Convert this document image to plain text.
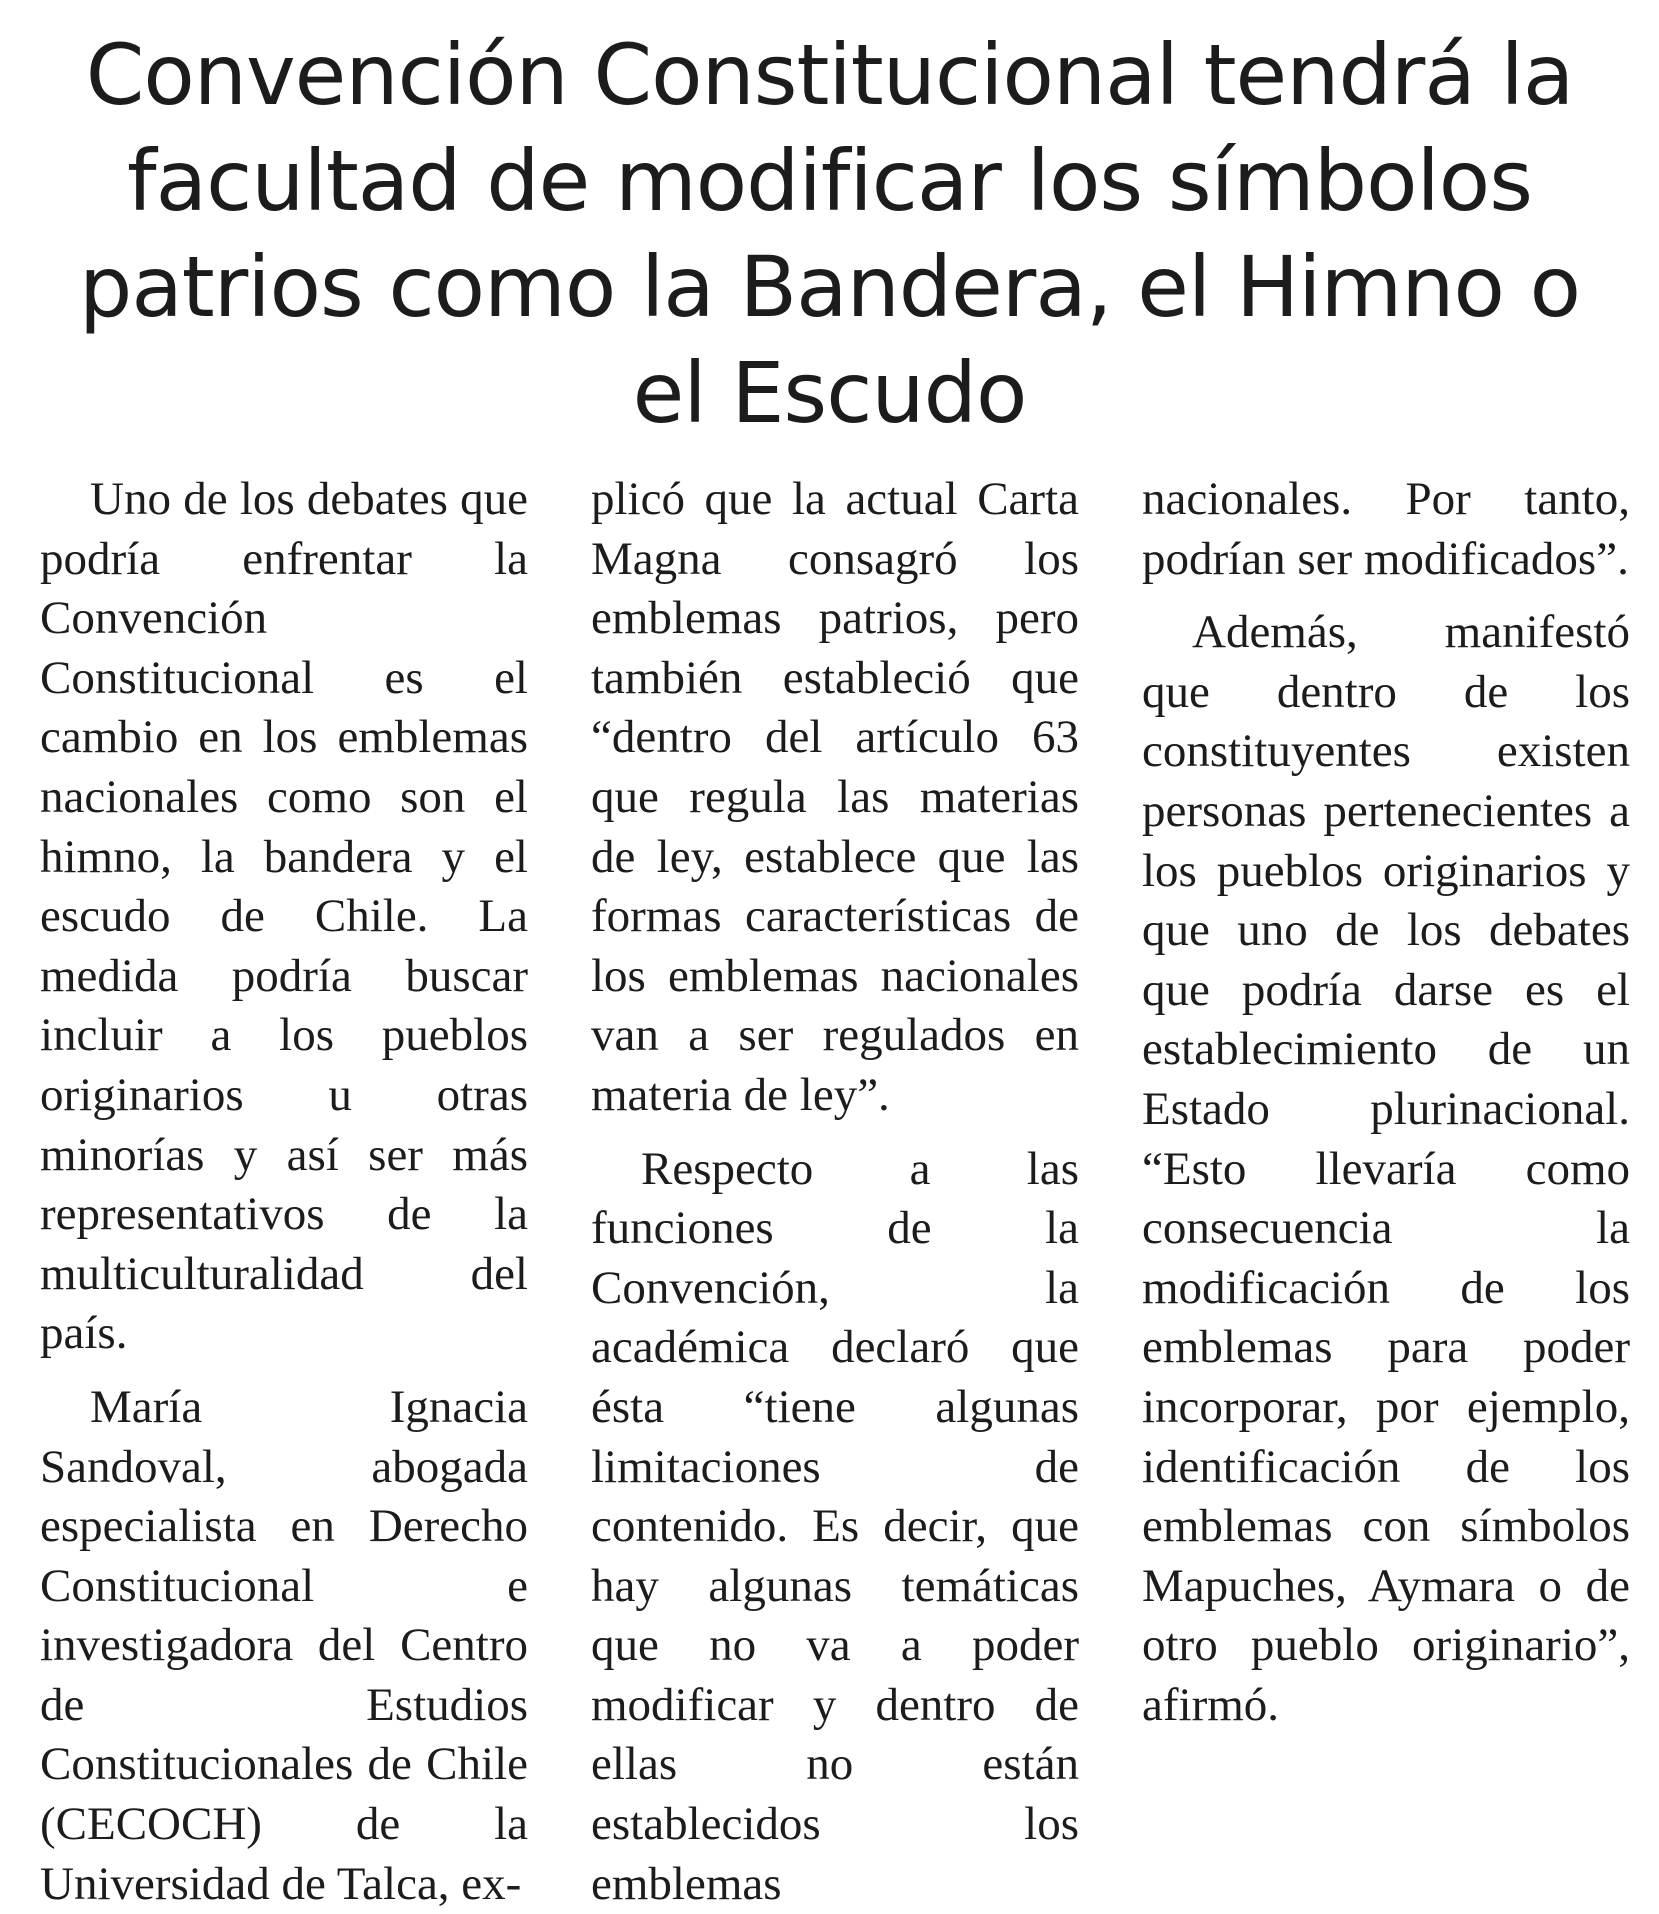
Convención Constitucional tendrá la facultad de modificar los símbolos patrios como la Bandera, el Himno o el Escudo

Uno de los debates que podría enfrentar la Convención Constitucional es el cambio en los emblemas nacionales como son el himno, la bandera y el escudo de Chile. La medida podría buscar incluir a los pueblos originarios u otras minorías y así ser más representativos de la multiculturalidad del país.

María Ignacia Sandoval, abogada especialista en Derecho Constitucional e investigadora del Centro de Estudios Constitucionales de Chile (CECOCH) de la Universidad de Talca, ex-

plicó que la actual Carta Magna consagró los emblemas patrios, pero también estableció que “dentro del artículo 63 que regula las materias de ley, establece que las formas características de los emblemas nacionales van a ser regulados en materia de ley”.

Respecto a las funciones de la Convención, la académica declaró que ésta “tiene algunas limitaciones de contenido. Es decir, que hay algunas temáticas que no va a poder modificar y dentro de ellas no están establecidos los emblemas

nacionales. Por tanto, podrían ser modificados”.

Además, manifestó que dentro de los constituyentes existen personas pertenecientes a los pueblos originarios y que uno de los debates que podría darse es el establecimiento de un Estado plurinacional. “Esto llevaría como consecuencia la modificación de los emblemas para poder incorporar, por ejemplo, identificación de los emblemas con símbolos Mapuches, Aymara o de otro pueblo originario”, afirmó.
